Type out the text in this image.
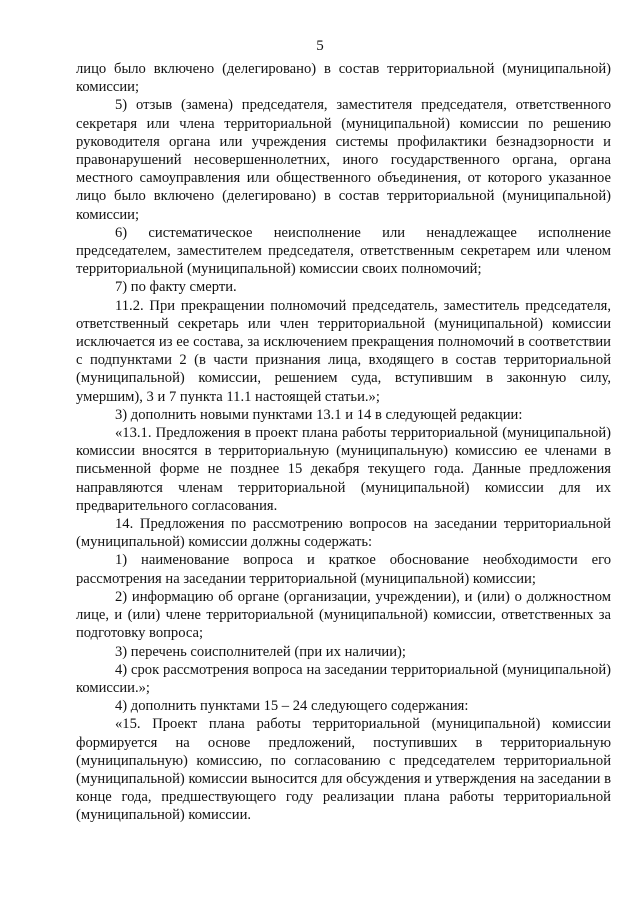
5

лицо было включено (делегировано) в состав территориальной (муниципальной) комиссии;

5) отзыв (замена) председателя, заместителя председателя, ответственного секретаря или члена территориальной (муниципальной) комиссии по решению руководителя органа или учреждения системы профилактики безнадзорности и правонарушений несовершеннолетних, иного государственного органа, органа местного самоуправления или общественного объединения, от которого указанное лицо было включено (делегировано) в состав территориальной (муниципальной) комиссии;

6) систематическое неисполнение или ненадлежащее исполнение председателем, заместителем председателя, ответственным секретарем или членом территориальной (муниципальной) комиссии своих полномочий;

7) по факту смерти.

11.2. При прекращении полномочий председатель, заместитель председателя, ответственный секретарь или член территориальной (муниципальной) комиссии исключается из ее состава, за исключением прекращения полномочий в соответствии с подпунктами 2 (в части признания лица, входящего в состав территориальной (муниципальной) комиссии, решением суда, вступившим в законную силу, умершим), 3 и 7 пункта 11.1 настоящей статьи.»;

3) дополнить новыми пунктами 13.1 и 14 в следующей редакции:

«13.1. Предложения в проект плана работы территориальной (муниципальной) комиссии вносятся в территориальную (муниципальную) комиссию ее членами в письменной форме не позднее 15 декабря текущего года. Данные предложения направляются членам территориальной (муниципальной) комиссии для их предварительного согласования.

14. Предложения по рассмотрению вопросов на заседании территориальной (муниципальной) комиссии должны содержать:

1) наименование вопроса и краткое обоснование необходимости его рассмотрения на заседании территориальной (муниципальной) комиссии;

2) информацию об органе (организации, учреждении), и (или) о должностном лице, и (или) члене территориальной (муниципальной) комиссии, ответственных за подготовку вопроса;

3) перечень соисполнителей (при их наличии);

4) срок рассмотрения вопроса на заседании территориальной (муниципальной) комиссии.»;

4) дополнить пунктами 15 – 24 следующего содержания:

«15. Проект плана работы территориальной (муниципальной) комиссии формируется на основе предложений, поступивших в территориальную (муниципальную) комиссию, по согласованию с председателем территориальной (муниципальной) комиссии выносится для обсуждения и утверждения на заседании в конце года, предшествующего году реализации плана работы территориальной (муниципальной) комиссии.
